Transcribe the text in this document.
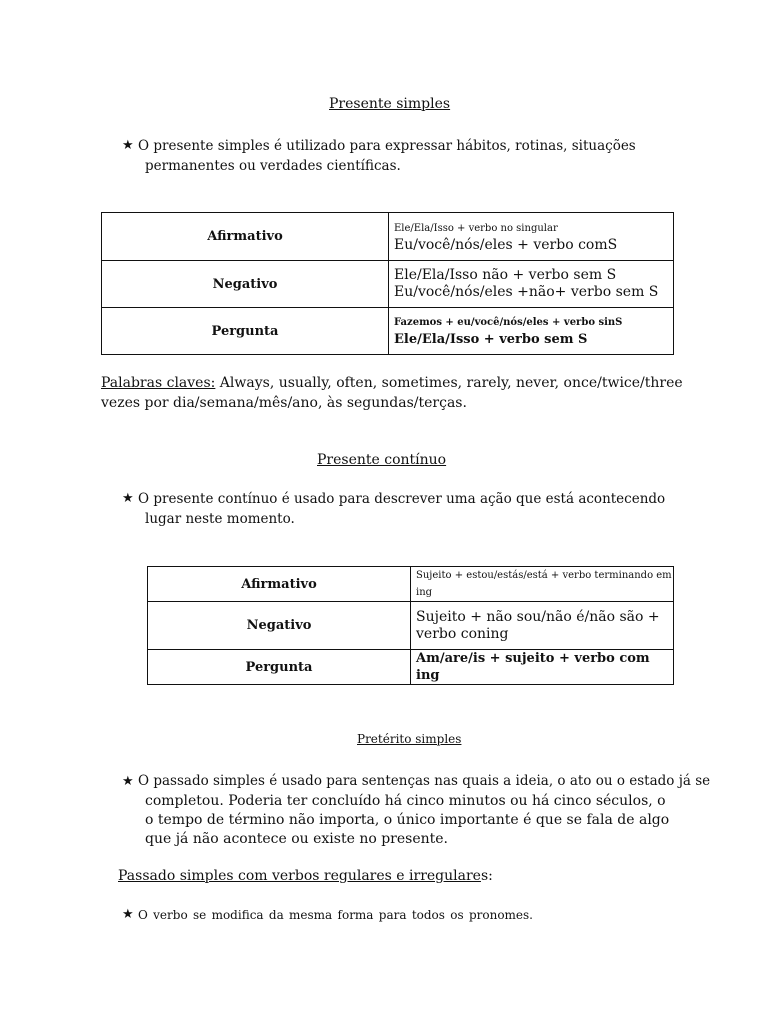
Presente simples
★ O presente simples é utilizado para expressar hábitos, rotinas, situações
permanentes ou verdades científicas.
Afirmativo	Ele/Ela/Isso + verbo no singular
Eu/você/nós/eles + verbo comS

Negativo	Ele/Ela/Isso não + verbo sem S
Eu/você/nós/eles +não+ verbo sem S

Pergunta	Fazemos + eu/você/nós/eles + verbo sinS
Ele/Ela/Isso + verbo sem S
Palabras claves: Always, usually, often, sometimes, rarely, never, once/twice/three
vezes por dia/semana/mês/ano, às segundas/terças.
Presente contínuo
★ O presente contínuo é usado para descrever uma ação que está acontecendo
lugar neste momento.
Afirmativo	Sujeito + estou/estás/está + verbo terminando em ing

Negativo	Sujeito + não sou/não é/não são +
verbo coning

Pergunta	Am/are/is + sujeito + verbo com ing
Pretérito simples
★ O passado simples é usado para sentenças nas quais a ideia, o ato ou o estado já se
completou. Poderia ter concluído há cinco minutos ou há cinco séculos, o
o tempo de término não importa, o único importante é que se fala de algo
que já não acontece ou existe no presente.
Passado simples com verbos regulares e irregulares:
★ O verbo se modifica da mesma forma para todos os pronomes.
